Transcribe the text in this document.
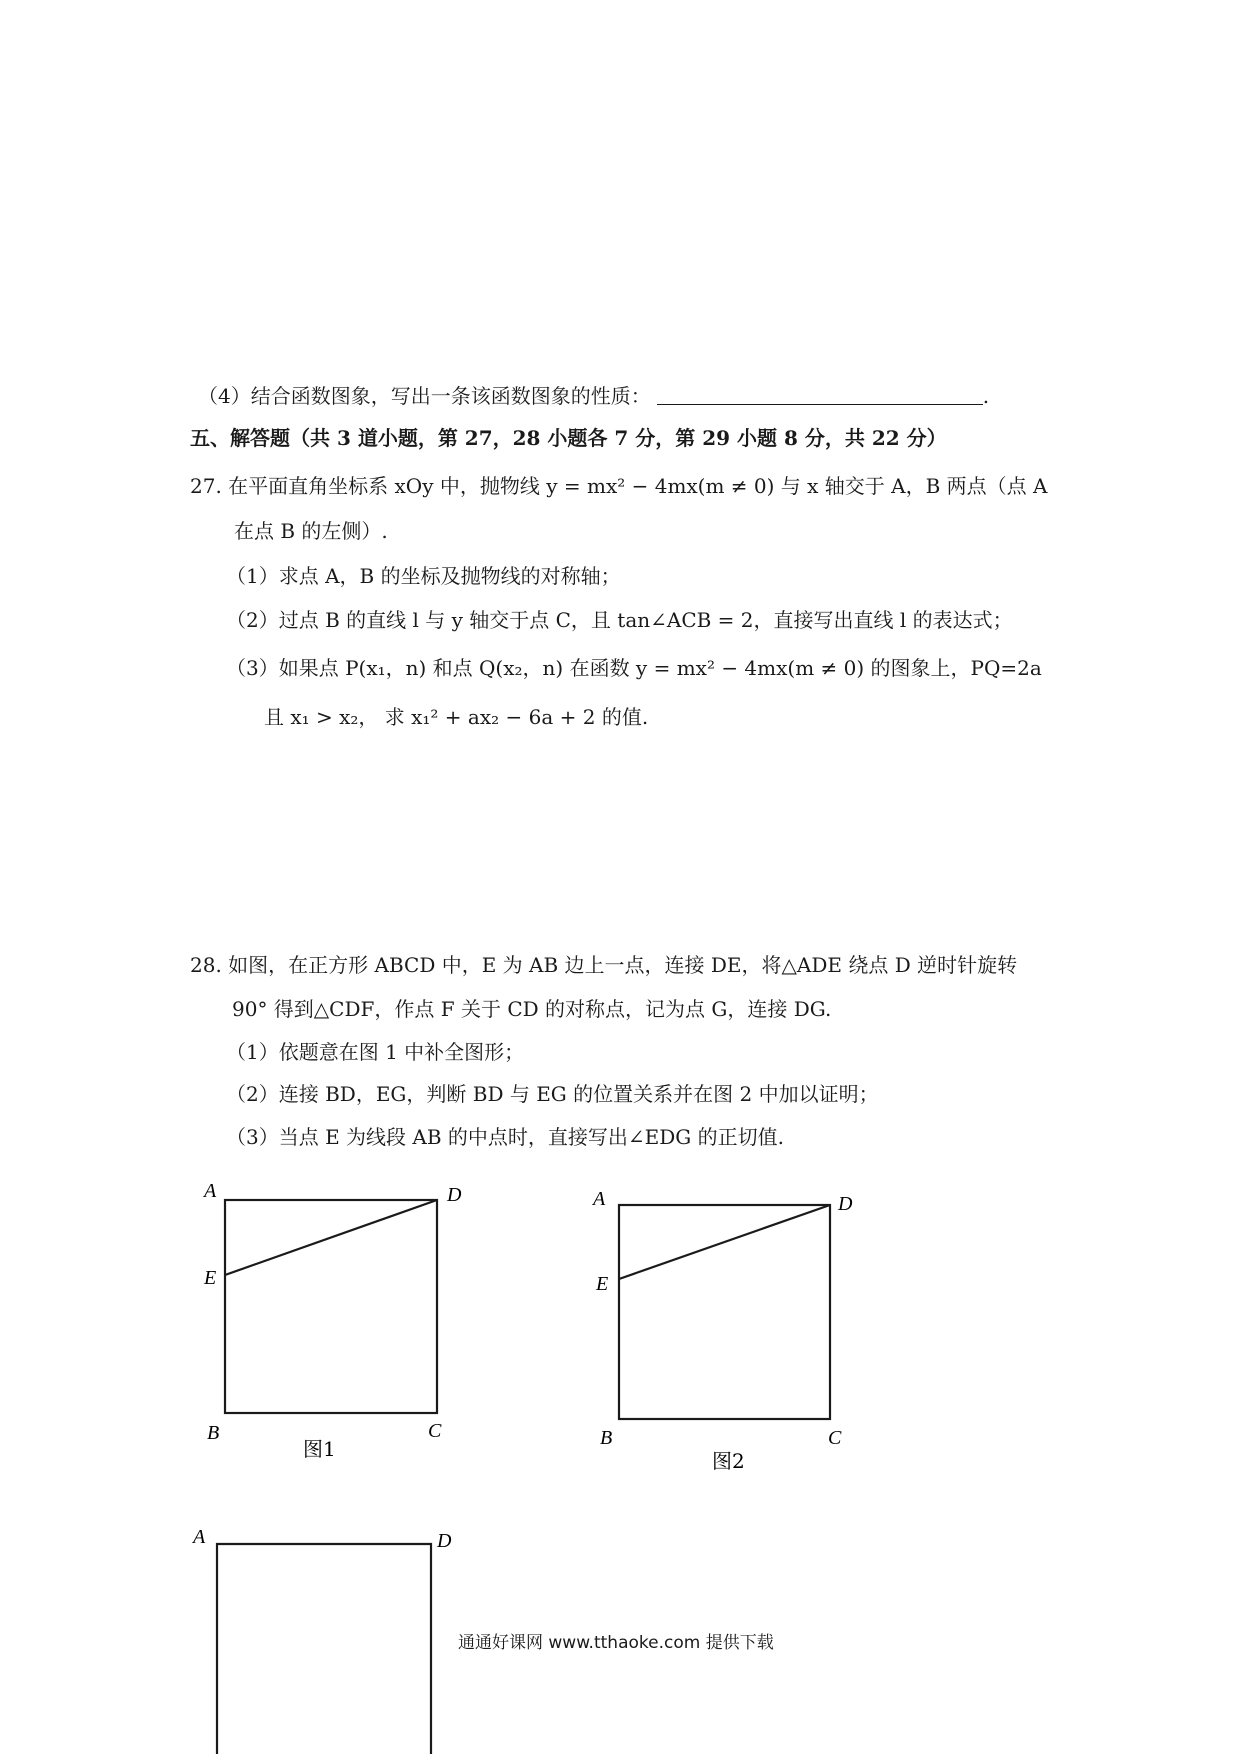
（4）结合函数图象，写出一条该函数图象的性质：	.
五、解答题（共 3 道小题，第 27，28 小题各 7 分，第 29 小题 8 分，共 22 分）
27. 在平面直角坐标系 xOy 中，抛物线 y = mx² − 4mx(m ≠ 0) 与 x 轴交于 A，B 两点（点 A
在点 B 的左侧）.
（1）求点 A，B 的坐标及抛物线的对称轴；
（2）过点 B 的直线 l 与 y 轴交于点 C，且 tan∠ACB = 2，直接写出直线 l 的表达式；
（3）如果点 P(x₁，n) 和点 Q(x₂，n) 在函数 y = mx² − 4mx(m ≠ 0) 的图象上，PQ=2a
且 x₁ > x₂， 求 x₁² + ax₂ − 6a + 2 的值.
28. 如图，在正方形 ABCD 中，E 为 AB 边上一点，连接 DE，将△ADE 绕点 D 逆时针旋转
90° 得到△CDF，作点 F 关于 CD 的对称点，记为点 G，连接 DG.
（1）依题意在图 1 中补全图形；
（2）连接 BD，EG，判断 BD 与 EG 的位置关系并在图 2 中加以证明；
（3）当点 E 为线段 AB 的中点时，直接写出∠EDG 的正切值.
A	D
E
B	C
图1
A	D
E
B	C
图2
A	D
通通好课网 www.tthaoke.com 提供下载
